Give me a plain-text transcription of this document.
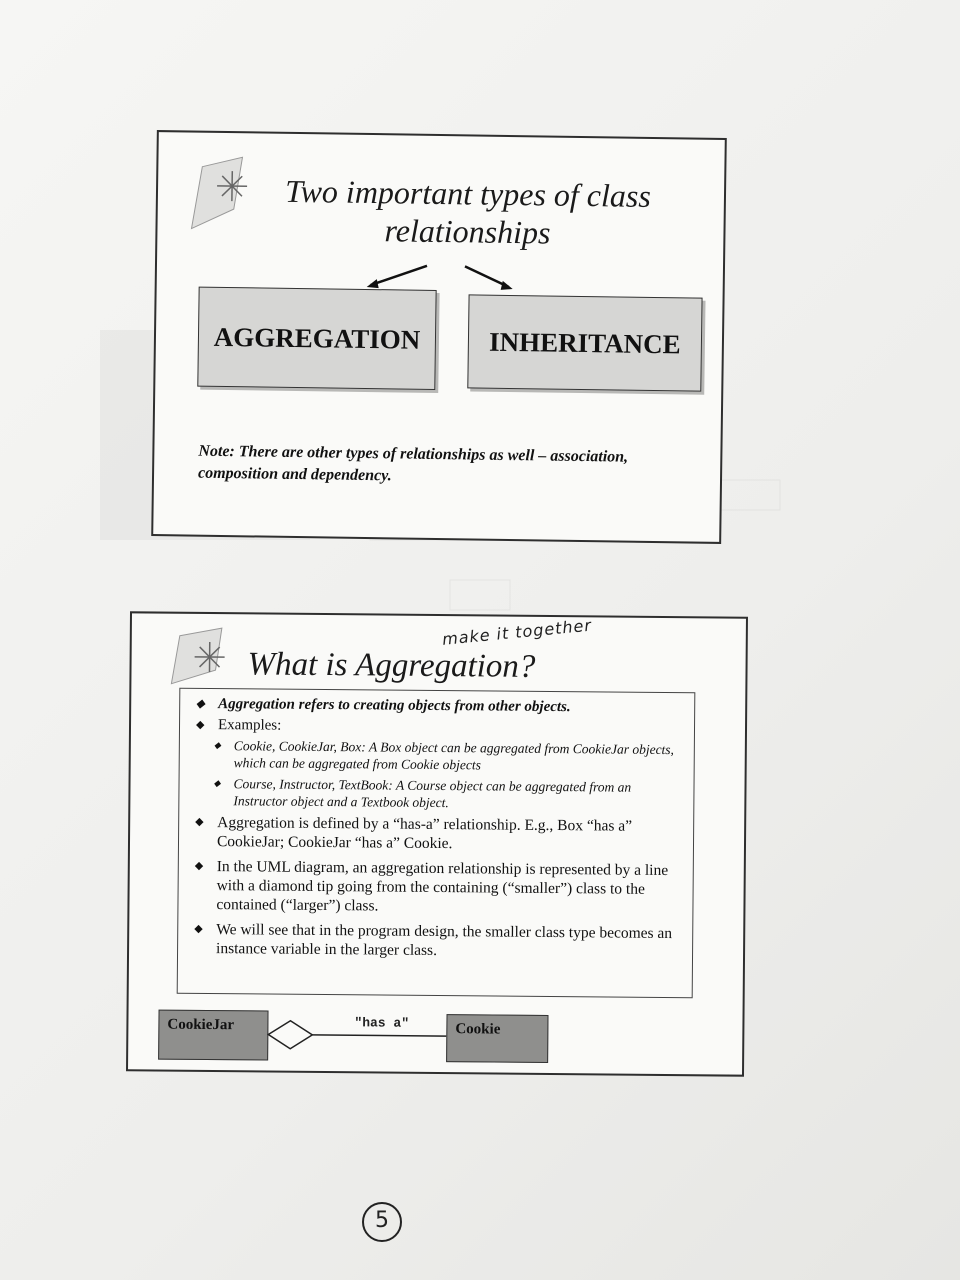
Two important types of class relationships
AGGREGATION	INHERITANCE
Note: There are other types of relationships as well – association, composition and dependency.
make it together
What is Aggregation?
◆ Aggregation refers to creating objects from other objects.
◆ Examples:
◆ Cookie, CookieJar, Box: A Box object can be aggregated from CookieJar objects, which can be aggregated from Cookie objects
◆ Course, Instructor, TextBook: A Course object can be aggregated from an Instructor object and a Textbook object.
◆ Aggregation is defined by a “has-a” relationship. E.g., Box “has a” CookieJar; CookieJar “has a” Cookie.
◆ In the UML diagram, an aggregation relationship is represented by a line with a diamond tip going from the containing (“smaller”) class to the contained (“larger”) class.
◆ We will see that in the program design, the smaller class type becomes an instance variable in the larger class.
CookieJar	"has a"	Cookie
5
